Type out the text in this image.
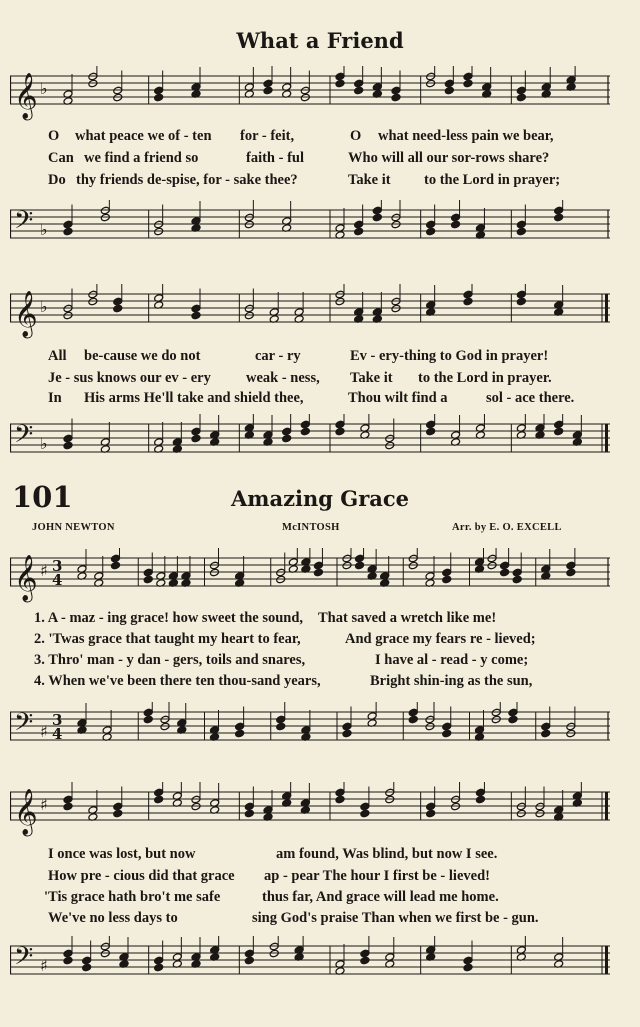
What a Friend
𝄞 ♭
O what peace we of - ten for - feit,	O what need-less pain we bear,
Can we find a friend so	faith - ful	Who will all our sor-rows share?
Do thy friends de-spise, for - sake thee?	Take it to the Lord in prayer;
𝄢 ♭
𝄞 ♭
All be-cause we do not	car - ry	Ev - ery-thing to God in prayer!
Je - sus knows our ev - ery weak - ness, Take it to the Lord in prayer.
In His arms He'll take and shield thee,	Thou wilt find a	sol - ace there.
𝄢 ♭
101	Amazing Grace
JOHN NEWTON	McINTOSH	Arr. by E. O. EXCELL
𝄞 ♯ 3
4
1. A - maz - ing grace! how sweet the sound, That saved a wretch like me!
2. 'Twas grace that taught my heart to fear,	And grace my fears re - lieved;
3. Thro' man - y dan - gers, toils and snares,	I have al - read - y come;
4. When we've been there ten thou-sand years,	Bright shin-ing as the sun,
𝄢 ♯
3
4
𝄞 ♯
I once was lost, but now	am found, Was blind, but now I see.
How pre - cious did that grace ap - pear The hour I first be - lieved!
'Tis grace hath bro't me safe	thus far, And grace will lead me home.
We've no less days to	sing God's praise Than when we first be - gun.
𝄢 ♯
